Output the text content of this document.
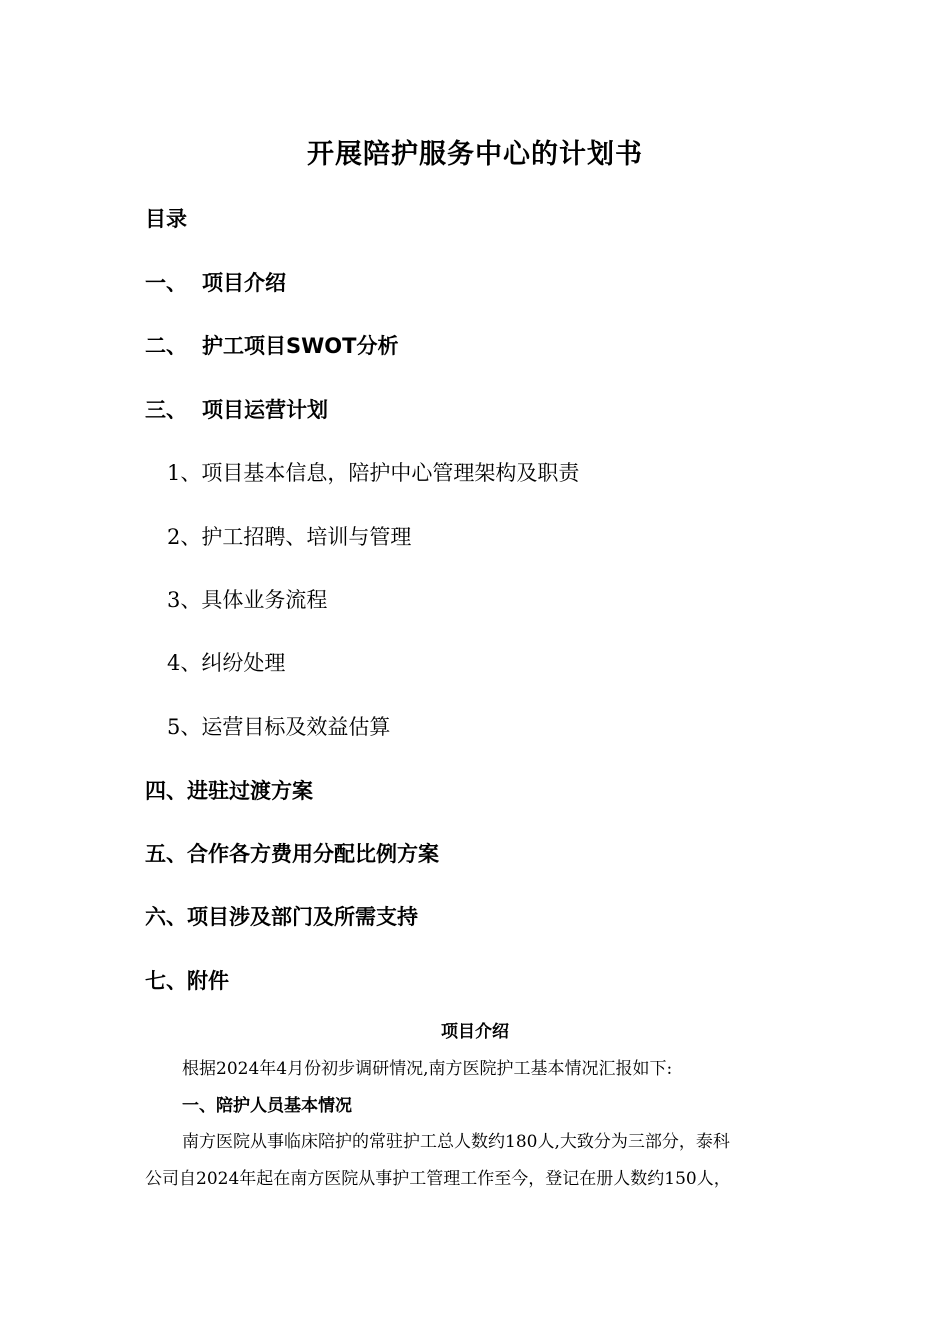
开展陪护服务中心的计划书
目录
一、 项目介绍
二、 护工项目SWOT分析
三、 项目运营计划
1、项目基本信息，陪护中心管理架构及职责
2、护工招聘、培训与管理
3、具体业务流程
4、纠纷处理
5、运营目标及效益估算
四、进驻过渡方案
五、合作各方费用分配比例方案
六、项目涉及部门及所需支持
七、附件
项目介绍
根据2024年4月份初步调研情况,南方医院护工基本情况汇报如下:
一、陪护人员基本情况
南方医院从事临床陪护的常驻护工总人数约180人,大致分为三部分，泰科
公司自2024年起在南方医院从事护工管理工作至今，登记在册人数约150人，
